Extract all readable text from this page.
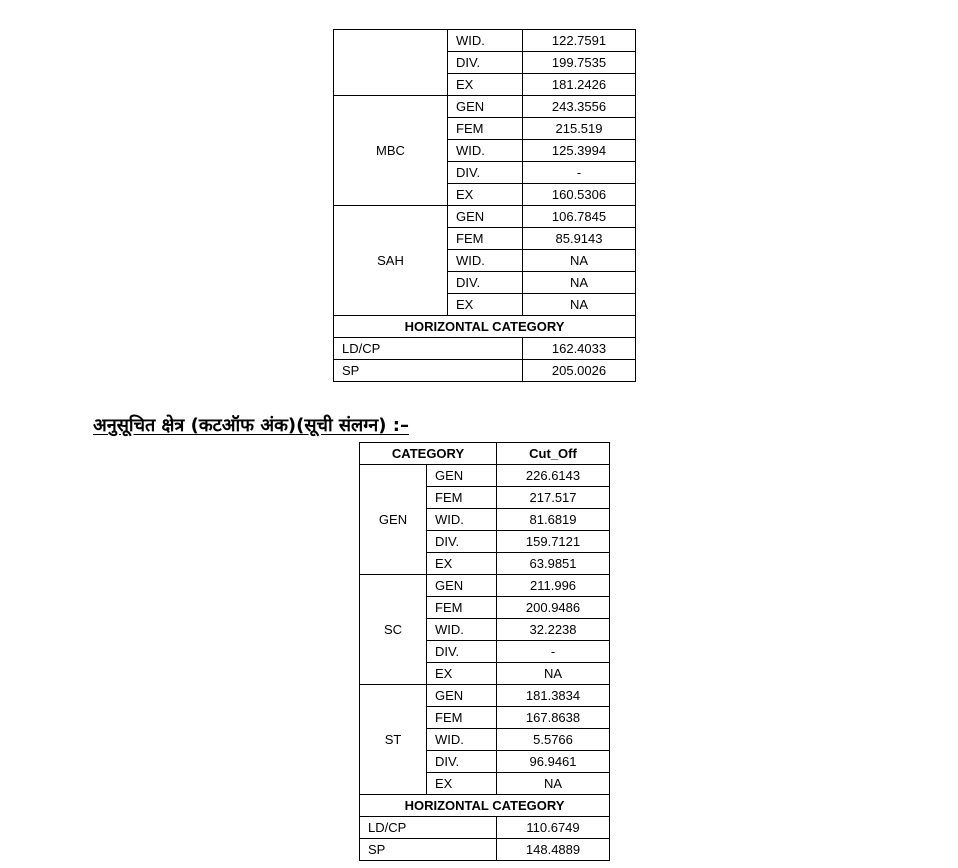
	WID.	122.7591
	DIV.	199.7535
	EX	181.2426
MBC	GEN	243.3556
	FEM	215.519
	WID.	125.3994
	DIV.	-
	EX	160.5306
SAH	GEN	106.7845
	FEM	85.9143
	WID.	NA
	DIV.	NA
	EX	NA
HORIZONTAL CATEGORY		
LD/CP		162.4033
SP		205.0026
अनुसूचित क्षेत्र (कटऑफ अंक)(सूची संलग्न) :–
CATEGORY		Cut_Off
GEN	GEN	226.6143
	FEM	217.517
	WID.	81.6819
	DIV.	159.7121
	EX	63.9851
SC	GEN	211.996
	FEM	200.9486
	WID.	32.2238
	DIV.	-
	EX	NA
ST	GEN	181.3834
	FEM	167.8638
	WID.	5.5766
	DIV.	96.9461
	EX	NA
HORIZONTAL CATEGORY		
LD/CP		110.6749
SP		148.4889
